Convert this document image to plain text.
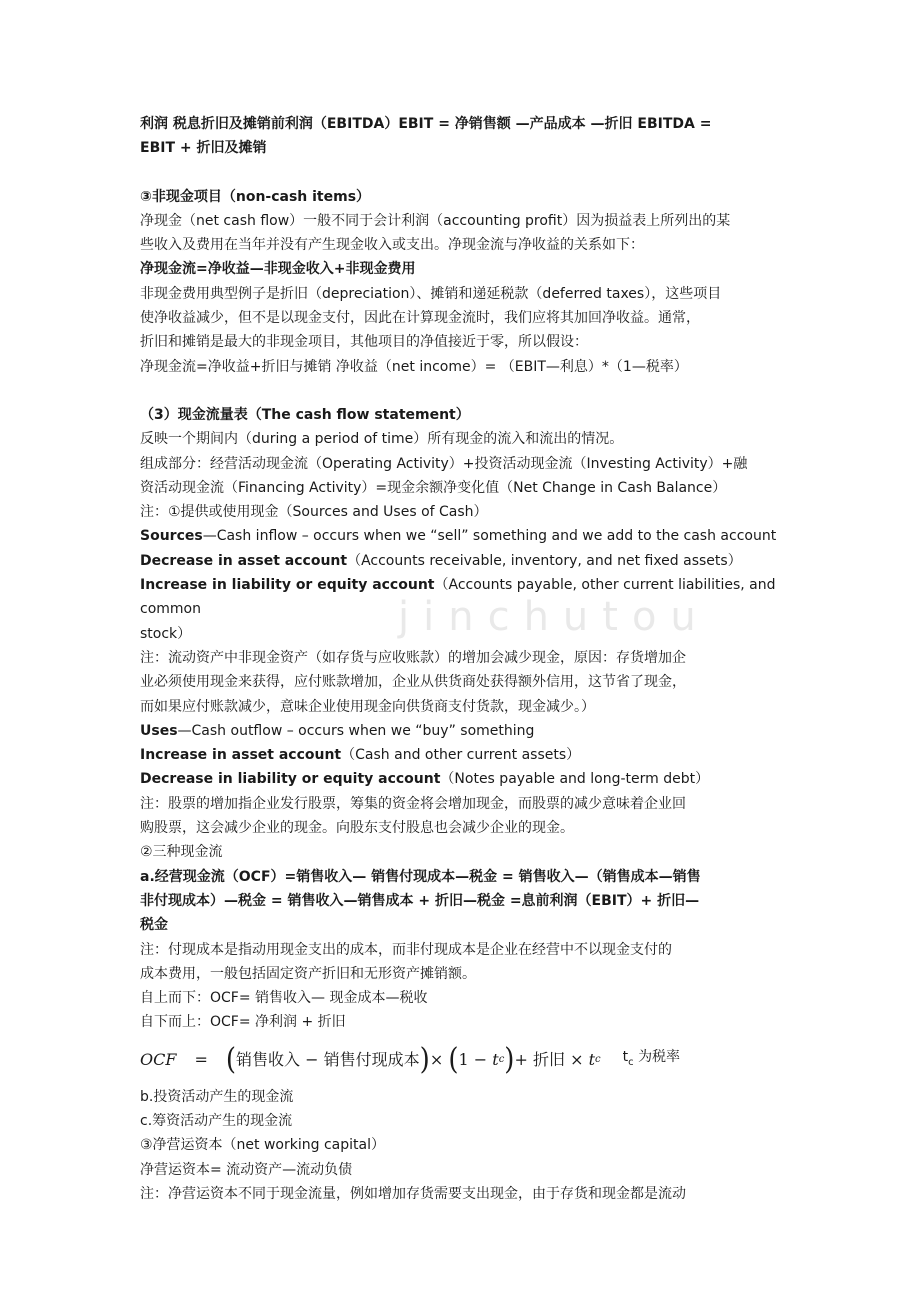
jinchutou

利润 税息折旧及摊销前利润（EBITDA）EBIT = 净销售额 —产品成本 —折旧 EBITDA =

EBIT + 折旧及摊销

③非现金项目（non-cash items）

净现金（net cash flow）一般不同于会计利润（accounting profit）因为损益表上所列出的某

些收入及费用在当年并没有产生现金收入或支出。净现金流与净收益的关系如下：

净现金流=净收益—非现金收入+非现金费用

非现金费用典型例子是折旧（depreciation）、摊销和递延税款（deferred taxes），这些项目

使净收益减少，但不是以现金支付，因此在计算现金流时，我们应将其加回净收益。通常，

折旧和摊销是最大的非现金项目，其他项目的净值接近于零，所以假设：

净现金流=净收益+折旧与摊销 净收益（net income）= （EBIT—利息）*（1—税率）

（3）现金流量表（The cash flow statement）

反映一个期间内（during a period of time）所有现金的流入和流出的情况。

组成部分：经营活动现金流（Operating Activity）+投资活动现金流（Investing Activity）+融

资活动现金流（Financing Activity）=现金余额净变化值（Net Change in Cash Balance）

注：①提供或使用现金（Sources and Uses of Cash）

Sources—Cash inflow – occurs when we “sell” something and we add to the cash account

Decrease in asset account（Accounts receivable, inventory, and net fixed assets）

Increase in liability or equity account（Accounts payable, other current liabilities, and common

stock）

注：流动资产中非现金资产（如存货与应收账款）的增加会减少现金，原因：存货增加企

业必须使用现金来获得，应付账款增加，企业从供货商处获得额外信用，这节省了现金，

而如果应付账款减少，意味企业使用现金向供货商支付货款，现金减少。）

Uses—Cash outflow – occurs when we “buy” something

Increase in asset account（Cash and other current assets）

Decrease in liability or equity account（Notes payable and long-term debt）

注：股票的增加指企业发行股票，筹集的资金将会增加现金，而股票的减少意味着企业回

购股票，这会减少企业的现金。向股东支付股息也会减少企业的现金。

②三种现金流

a.经营现金流（OCF）=销售收入— 销售付现成本—税金 = 销售收入—（销售成本—销售

非付现成本）—税金 = 销售收入—销售成本 + 折旧—税金 =息前利润（EBIT）+ 折旧—

税金

注：付现成本是指动用现金支出的成本，而非付现成本是企业在经营中不以现金支付的

成本费用，一般包括固定资产折旧和无形资产摊销额。

自上而下：OCF= 销售收入— 现金成本—税收

自下而上：OCF= 净利润 + 折旧

OCF = ( 销售收入
−
销售付现成本 ) ×
( 1
−
t c ) +
折旧
×
t c $t_c$ 为税率

b.投资活动产生的现金流

c.筹资活动产生的现金流

③净营运资本（net working capital）

净营运资本= 流动资产—流动负债

注：净营运资本不同于现金流量，例如增加存货需要支出现金，由于存货和现金都是流动
